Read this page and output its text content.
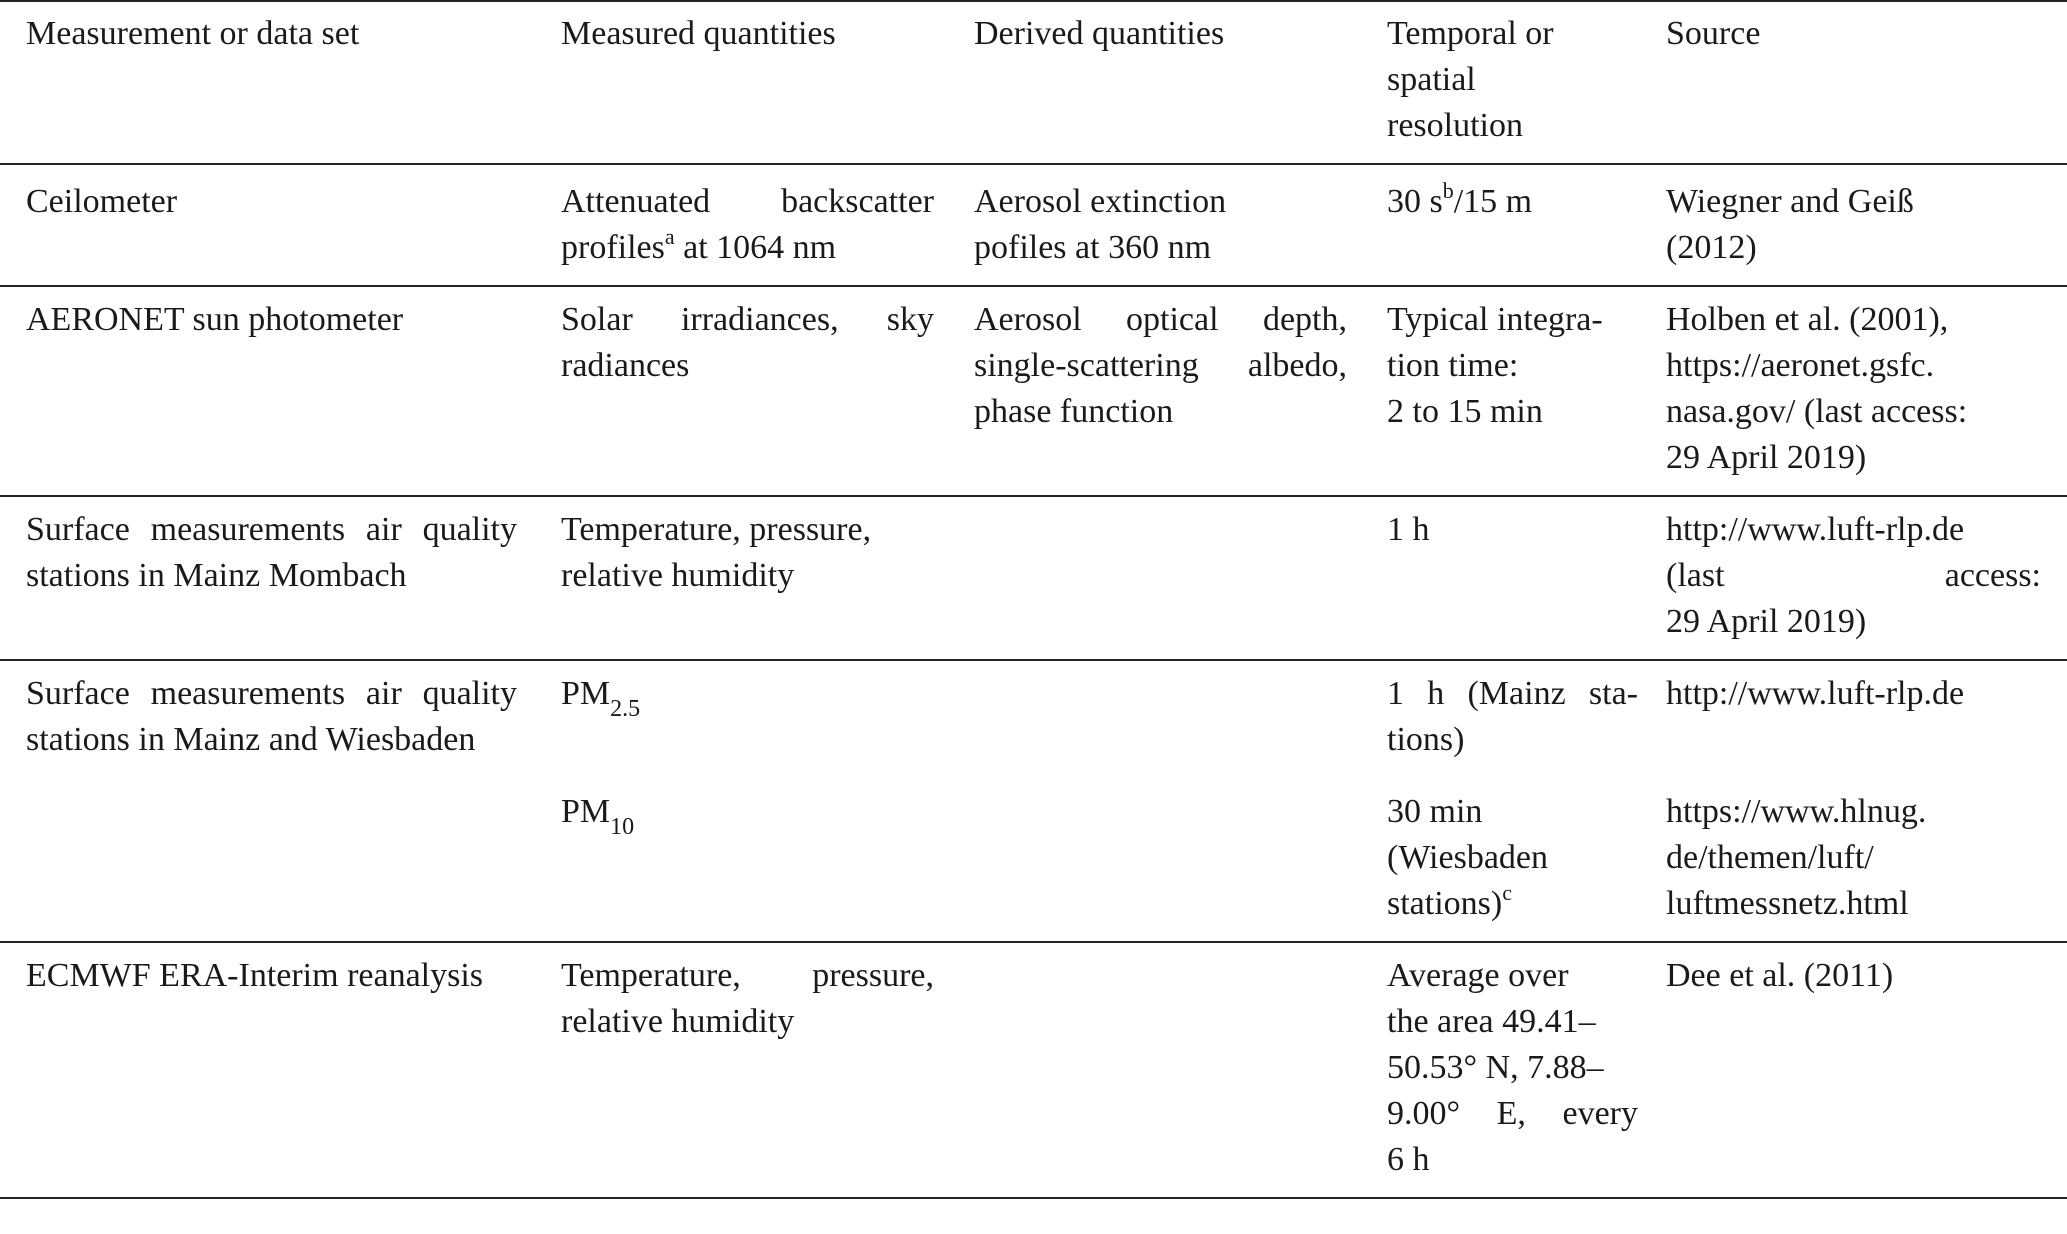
Measurement or data set	Measured quantities	Derived quantities	Temporal or
spatial
resolution	Source
Ceilometer	Attenuated backscatter profiles$^a$ at 1064 nm	Aerosol extinction
pofiles at 360 nm	30 $s^b/15$ m	Wiegner and Geiß
(2012)

AERONET sun photometer	Solar irradiances, sky radiances	Aerosol optical depth, single-scattering albedo, phase function	Typical integra-
tion time:
2 to 15 min	Holben et al. (2001),
https://aeronet.gsfc.
nasa.gov/ (last access:
29 April 2019)

Surface measurements air quality stations in Mainz Mombach	Temperature, pressure,
relative humidity		1 h	http://www.luft-rlp.de
(last access:
29 April 2019)

Surface measurements air quality stations in Mainz and Wiesbaden	$PM_{2.5}$		1 h (Mainz sta-
tions)	http://www.luft-rlp.de
	$PM_{10}$		30 min
(Wiesbaden
stations)$^c$	https://www.hlnug.
de/themen/luft/
luftmessnetz.html

ECMWF ERA-Interim reanalysis	Temperature, pressure, relative humidity		Average over
the area 49.41–
50.53° N, 7.88–
9.00° E, every
6 h	Dee et al. (2011)
